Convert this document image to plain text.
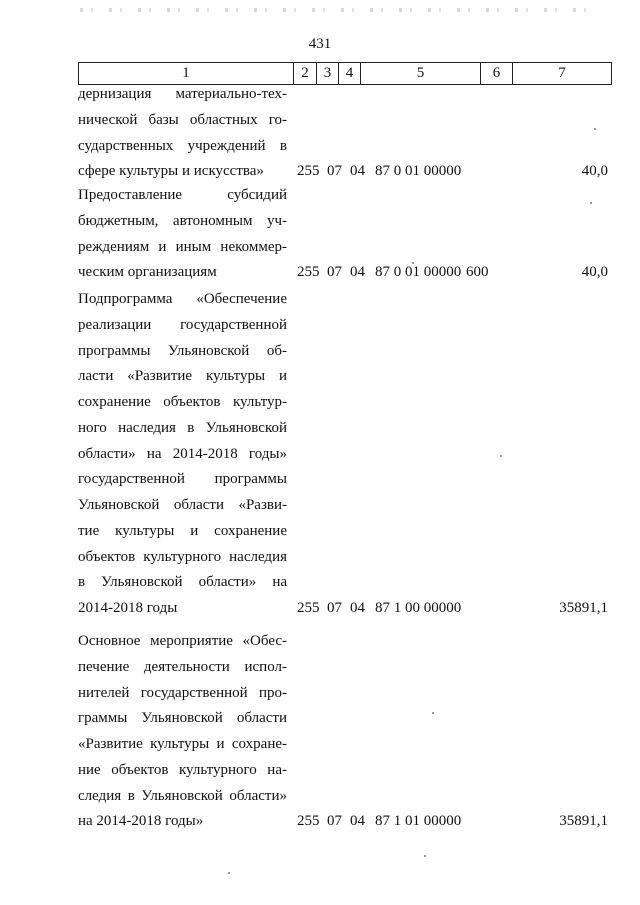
431
1	2	3	4	5	6	7
дернизация материально-тех-
нической базы областных го-
сударственных учреждений в
сфере культуры и искусства»	255 07 04 87 0 01 00000	40,0
Предоставление субсидий
бюджетным, автономным уч-
реждениям и иным некоммер-
ческим организациям	255 07 04 87 0 01 00000 600	40,0
Подпрограмма «Обеспечение
реализации государственной
программы Ульяновской об-
ласти «Развитие культуры и
сохранение объектов культур-
ного наследия в Ульяновской
области» на 2014-2018 годы»
государственной программы
Ульяновской области «Разви-
тие культуры и сохранение
объектов культурного наследия
в Ульяновской области» на
2014-2018 годы	255 07 04 87 1 00 00000	35891,1
Основное мероприятие «Обес-
печение деятельности испол-
нителей государственной про-
граммы Ульяновской области
«Развитие культуры и сохране-
ние объектов культурного на-
следия в Ульяновской области»
на 2014-2018 годы»	255 07 04 87 1 01 00000	35891,1
